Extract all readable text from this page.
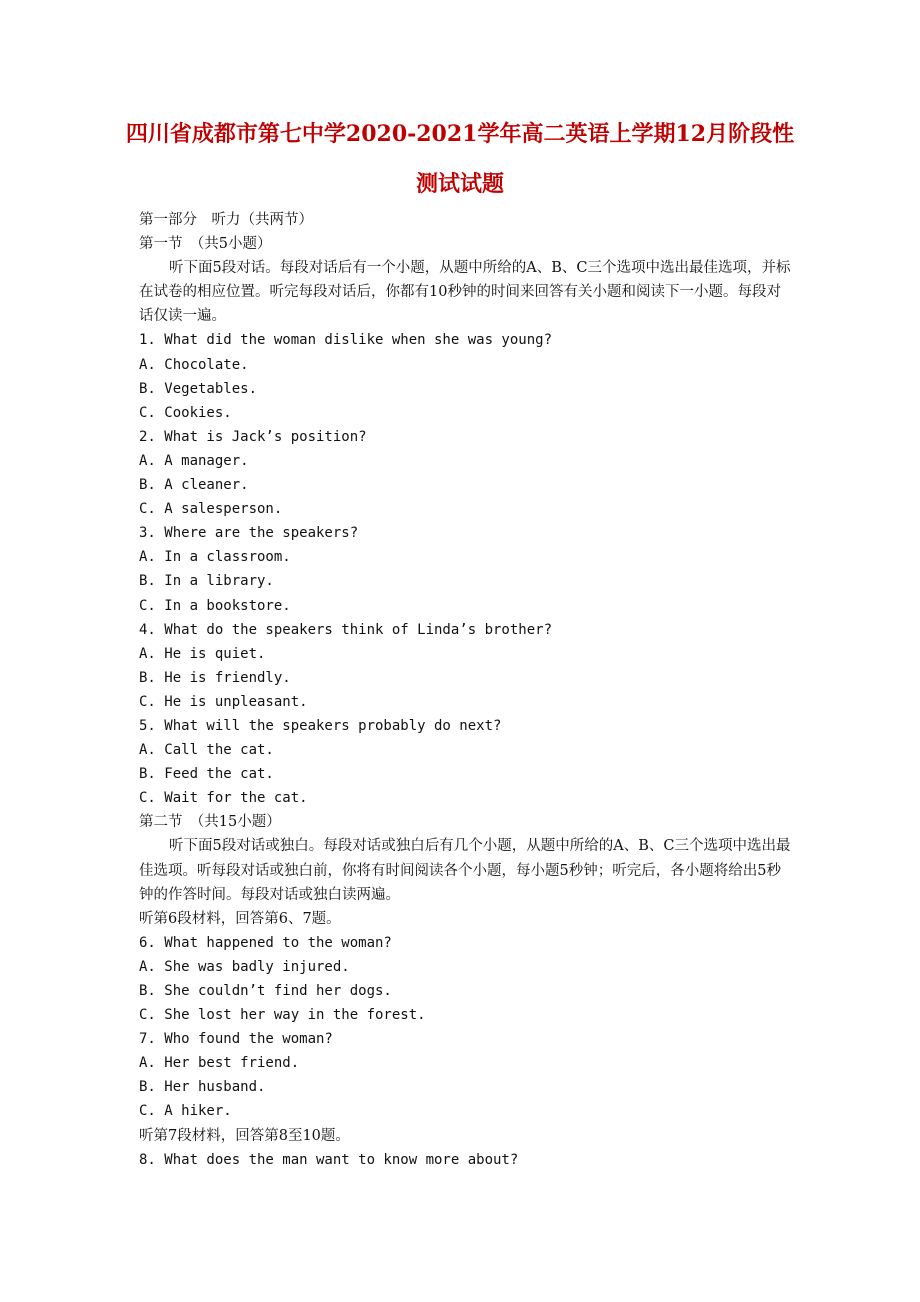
四川省成都市第七中学2020-2021学年高二英语上学期12月阶段性
测试试题
第一部分　听力（共两节）
第一节　（共5小题）
听下面5段对话。每段对话后有一个小题，从题中所给的A、B、C三个选项中选出最佳选项，并标在试卷的相应位置。听完每段对话后，你都有10秒钟的时间来回答有关小题和阅读下一小题。每段对话仅读一遍。
1. What did the woman dislike when she was young?
A. Chocolate.
B. Vegetables.
C. Cookies.
2. What is Jack’s position?
A. A manager.
B. A cleaner.
C. A salesperson.
3. Where are the speakers?
A. In a classroom.
B. In a library.
C. In a bookstore.
4. What do the speakers think of Linda’s brother?
A. He is quiet.
B. He is friendly.
C. He is unpleasant.
5. What will the speakers probably do next?
A. Call the cat.
B. Feed the cat.
C. Wait for the cat.
第二节　（共15小题）
听下面5段对话或独白。每段对话或独白后有几个小题，从题中所给的A、B、C三个选项中选出最佳选项。听每段对话或独白前，你将有时间阅读各个小题，每小题5秒钟；听完后，各小题将给出5秒钟的作答时间。每段对话或独白读两遍。
听第6段材料，回答第6、7题。
6. What happened to the woman?
A. She was badly injured.
B. She couldn’t find her dogs.
C. She lost her way in the forest.
7. Who found the woman?
A. Her best friend.
B. Her husband.
C. A hiker.
听第7段材料，回答第8至10题。
8. What does the man want to know more about?
